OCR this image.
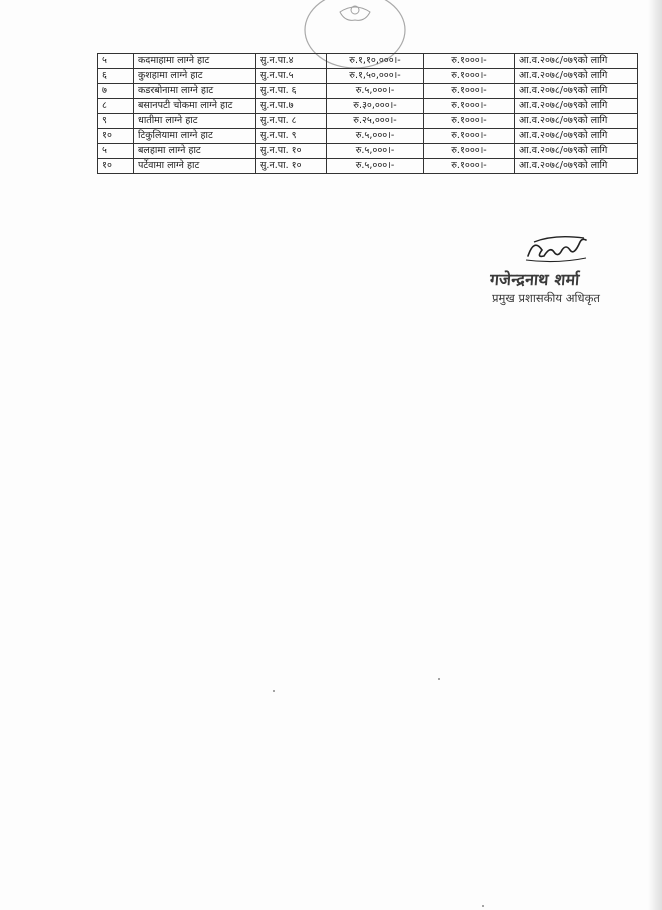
५	कदमाहामा लाग्ने हाट	सु.न.पा.४	रु.१,१०,०००।-	रु.१०००।-	आ.व.२०७८/०७९को लागि
६	कुशहामा लाग्ने हाट	सु.न.पा.५	रु.१,५०,०००।-	रु.१०००।-	आ.व.२०७८/०७९को लागि
७	कडरबोनामा लाग्ने हाट	सु.न.पा. ६	रु.५,०००।-	रु.१०००।-	आ.व.२०७८/०७९को लागि
८	बसानपटी चोकमा लाग्ने हाट	सु.न.पा.७	रु.३०,०००।-	रु.१०००।-	आ.व.२०७८/०७९को लागि
९	धातीमा लाग्ने हाट	सु.न.पा. ८	रु.२५,०००।-	रु.१०००।-	आ.व.२०७८/०७९को लागि
१०	टिकुलियामा लाग्ने हाट	सु.न.पा. ९	रु.५,०००।-	रु.१०००।-	आ.व.२०७८/०७९को लागि
५	बलहामा लाग्ने हाट	सु.न.पा. १०	रु.५,०००।-	रु.१०००।-	आ.व.२०७८/०७९को लागि
१०	पर्टेवामा लाग्ने हाट	सु.न.पा. १०	रु.५,०००।-	रु.१०००।-	आ.व.२०७८/०७९को लागि
गजेन्द्रनाथ शर्मा
प्रमुख प्रशासकीय अधिकृत
